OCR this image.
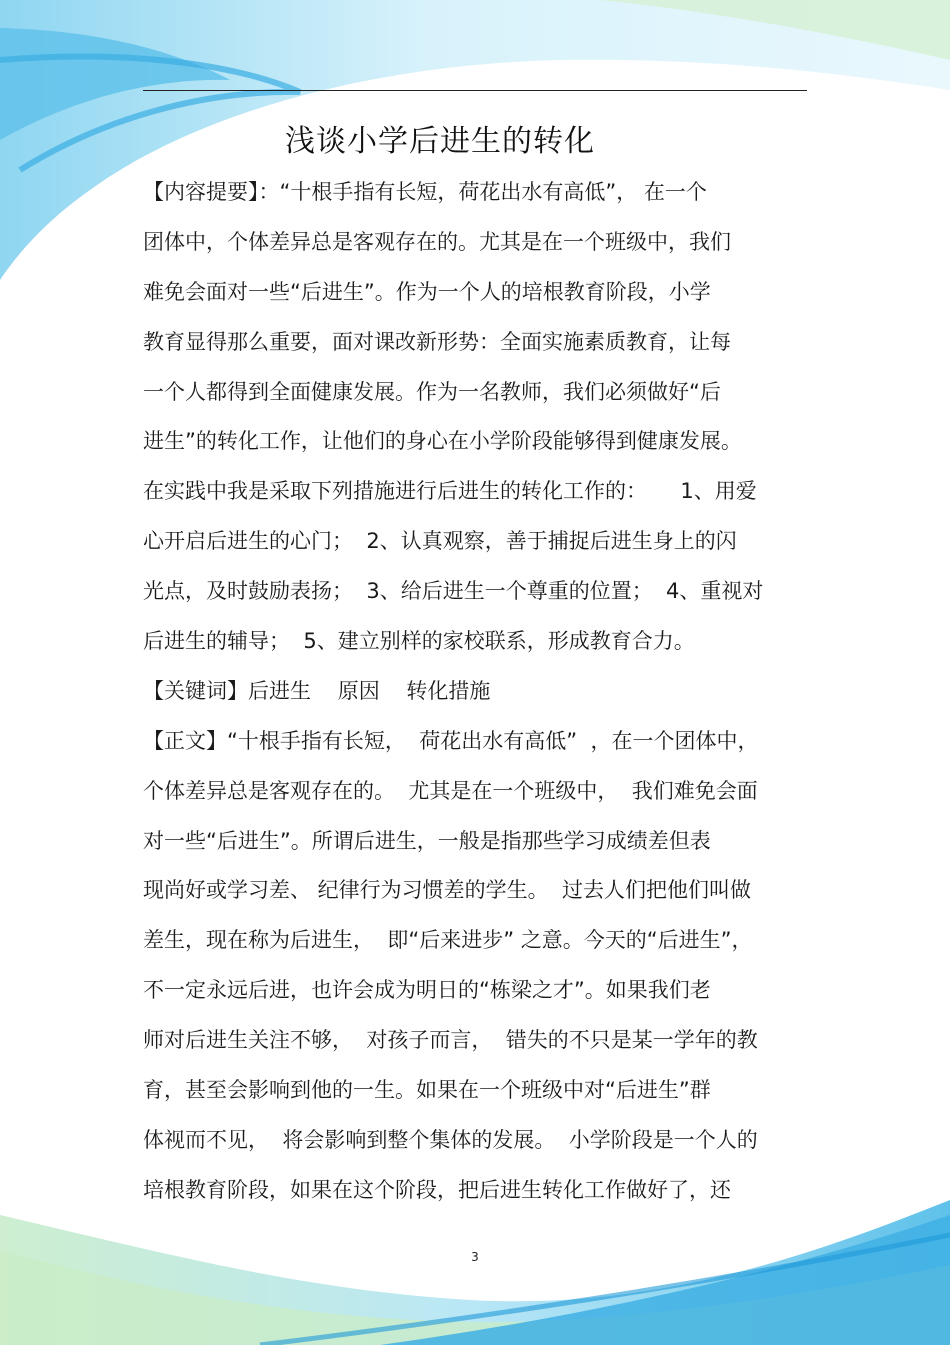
浅谈小学后进生的转化
【内容提要】：“十根手指有长短，荷花出水有高低”， 在一个
团体中，个体差异总是客观存在的。尤其是在一个班级中，我们
难免会面对一些“后进生”。作为一个人的培根教育阶段，小学
教育显得那么重要，面对课改新形势：全面实施素质教育，让每
一个人都得到全面健康发展。作为一名教师，我们必须做好“后
进生”的转化工作，让他们的身心在小学阶段能够得到健康发展。
在实践中我是采取下列措施进行后进生的转化工作的：     1、用爱
心开启后进生的心门；  2、认真观察，善于捕捉后进生身上的闪
光点，及时鼓励表扬；  3、给后进生一个尊重的位置；  4、重视对
后进生的辅导；  5、建立别样的家校联系，形成教育合力。
【关键词】后进生    原因    转化措施
【正文】“十根手指有长短，  荷花出水有高低”  ，在一个团体中，
个体差异总是客观存在的。  尤其是在一个班级中，  我们难免会面
对一些“后进生”。所谓后进生，一般是指那些学习成绩差但表
现尚好或学习差、 纪律行为习惯差的学生。  过去人们把他们叫做
差生，现在称为后进生，  即“后来进步” 之意。今天的“后进生”，
不一定永远后进，也许会成为明日的“栋梁之才”。如果我们老
师对后进生关注不够，  对孩子而言，  错失的不只是某一学年的教
育，甚至会影响到他的一生。如果在一个班级中对“后进生”群
体视而不见，  将会影响到整个集体的发展。  小学阶段是一个人的
培根教育阶段，如果在这个阶段，把后进生转化工作做好了，还
3
